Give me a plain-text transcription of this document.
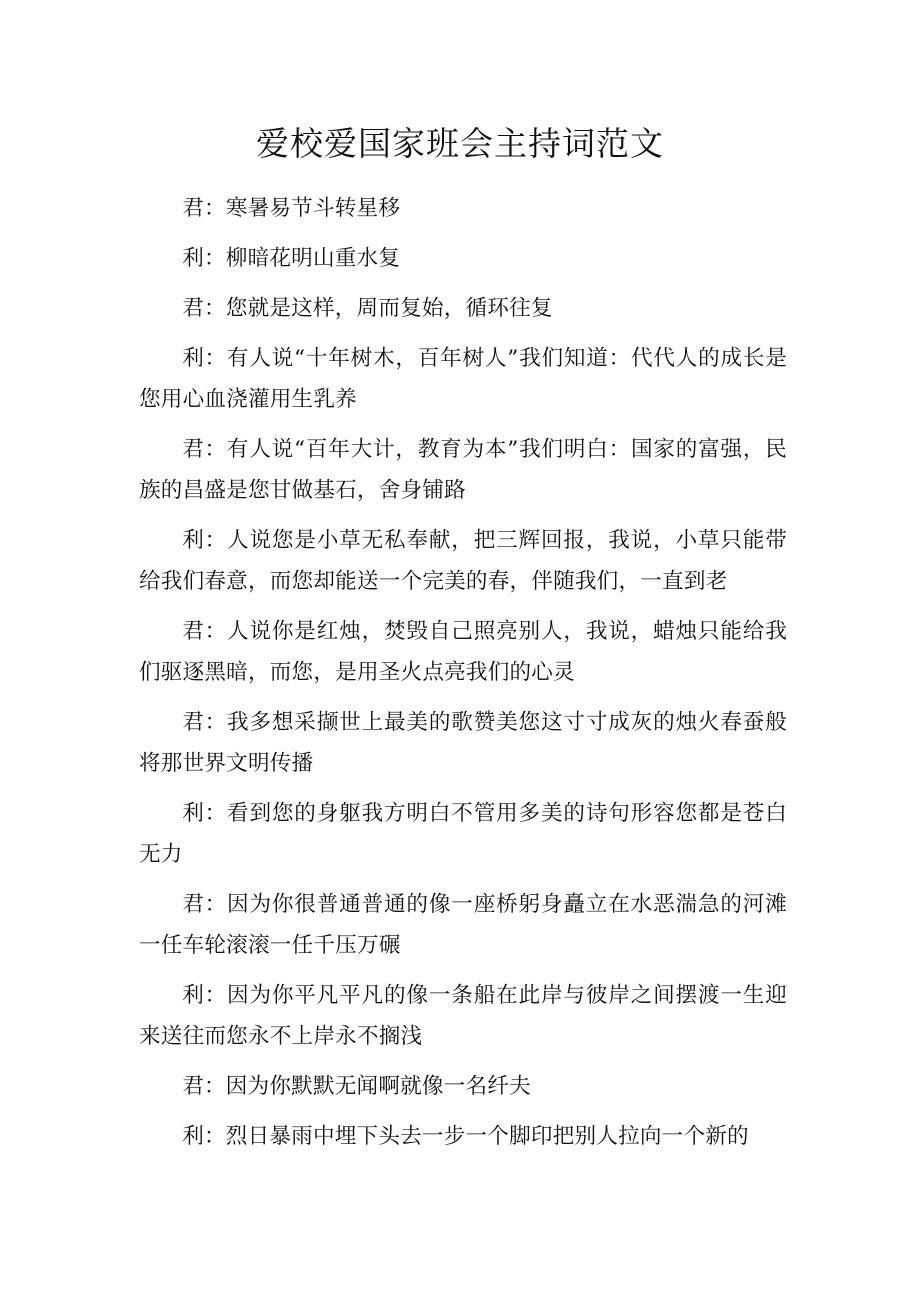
爱校爱国家班会主持词范文

君：寒暑易节斗转星移

利：柳暗花明山重水复

君：您就是这样，周而复始，循环往复

利：有人说“十年树木，百年树人”我们知道：代代人的成长是您用心血浇灌用生乳养

君：有人说“百年大计，教育为本”我们明白：国家的富强，民族的昌盛是您甘做基石，舍身铺路

利：人说您是小草无私奉献，把三辉回报，我说，小草只能带给我们春意，而您却能送一个完美的春，伴随我们，一直到老

君：人说你是红烛，焚毁自己照亮别人，我说，蜡烛只能给我们驱逐黑暗，而您，是用圣火点亮我们的心灵

君：我多想采撷世上最美的歌赞美您这寸寸成灰的烛火春蚕般将那世界文明传播

利：看到您的身躯我方明白不管用多美的诗句形容您都是苍白无力

君：因为你很普通普通的像一座桥躬身矗立在水恶湍急的河滩一任车轮滚滚一任千压万碾

利：因为你平凡平凡的像一条船在此岸与彼岸之间摆渡一生迎来送往而您永不上岸永不搁浅

君：因为你默默无闻啊就像一名纤夫

利：烈日暴雨中埋下头去一步一个脚印把别人拉向一个新的
